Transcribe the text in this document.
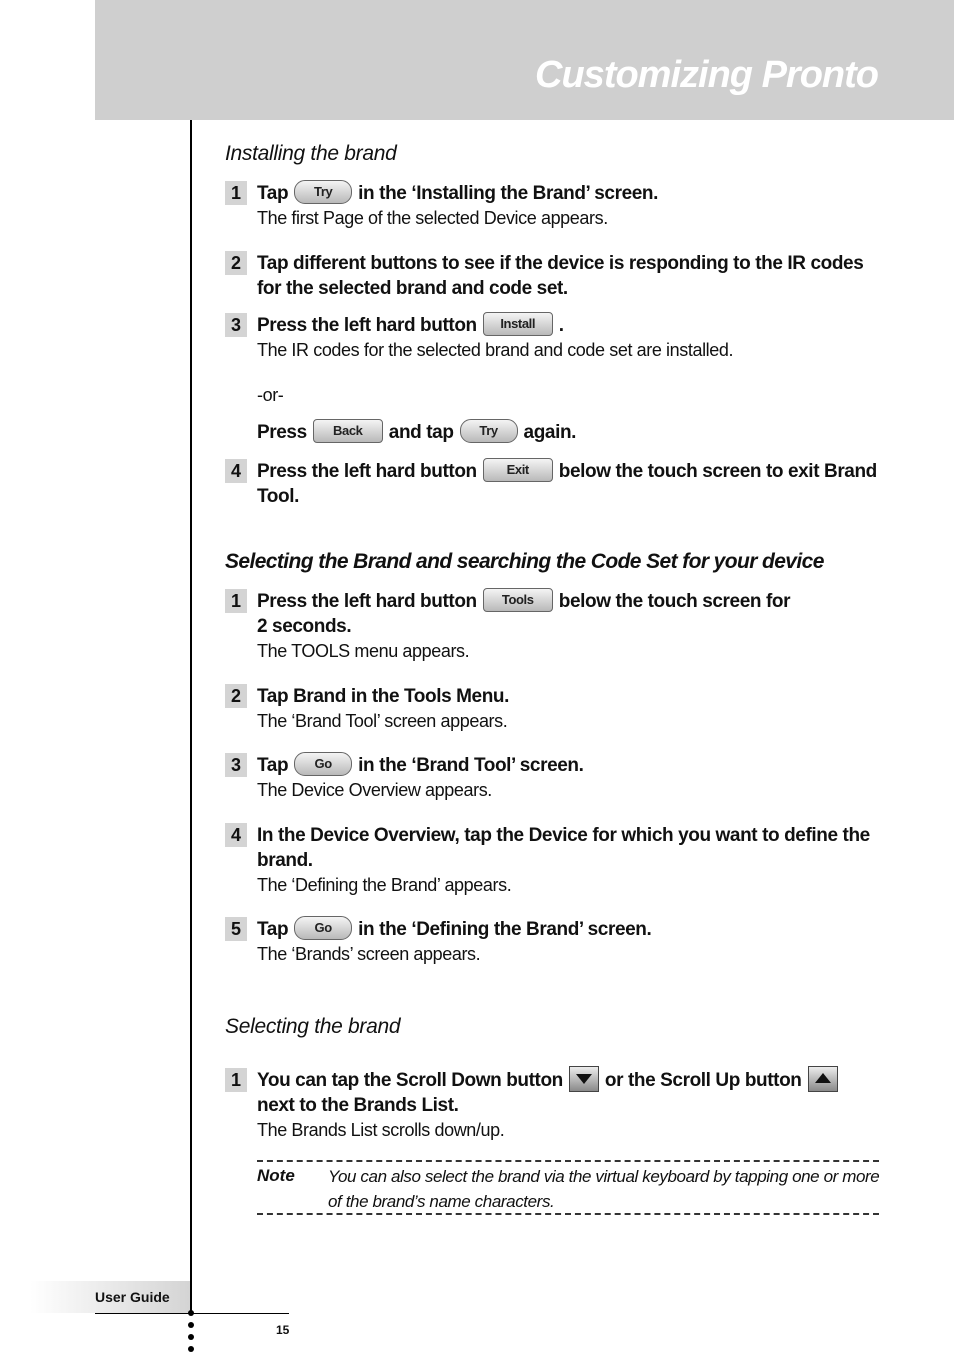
Customizing Pronto
Installing the brand
1 Tap Try in the ‘Installing the Brand’ screen.
The first Page of the selected Device appears.
2 Tap different buttons to see if the device is responding to the IR codes for the selected brand and code set.
3 Press the left hard button Install .
The IR codes for the selected brand and code set are installed.
-or-
Press Back and tap Try again.
4 Press the left hard button Exit below the touch screen to exit Brand Tool.
Selecting the Brand and searching the Code Set for your device
1 Press the left hard button Tools below the touch screen for
2 seconds.
The TOOLS menu appears.
2 Tap Brand in the Tools Menu.
The ‘Brand Tool’ screen appears.
3 Tap Go in the ‘Brand Tool’ screen.
The Device Overview appears.
4 In the Device Overview, tap the Device for which you want to define the brand.
The ‘Defining the Brand’ appears.
5 Tap Go in the ‘Defining the Brand’ screen.
The ‘Brands’ screen appears.
Selecting the brand
1 You can tap the Scroll Down button or the Scroll Up button
next to the Brands List.
The Brands List scrolls down/up.
Note You can also select the brand via the virtual keyboard by tapping one or more of the brand’s name characters.
User Guide
15
